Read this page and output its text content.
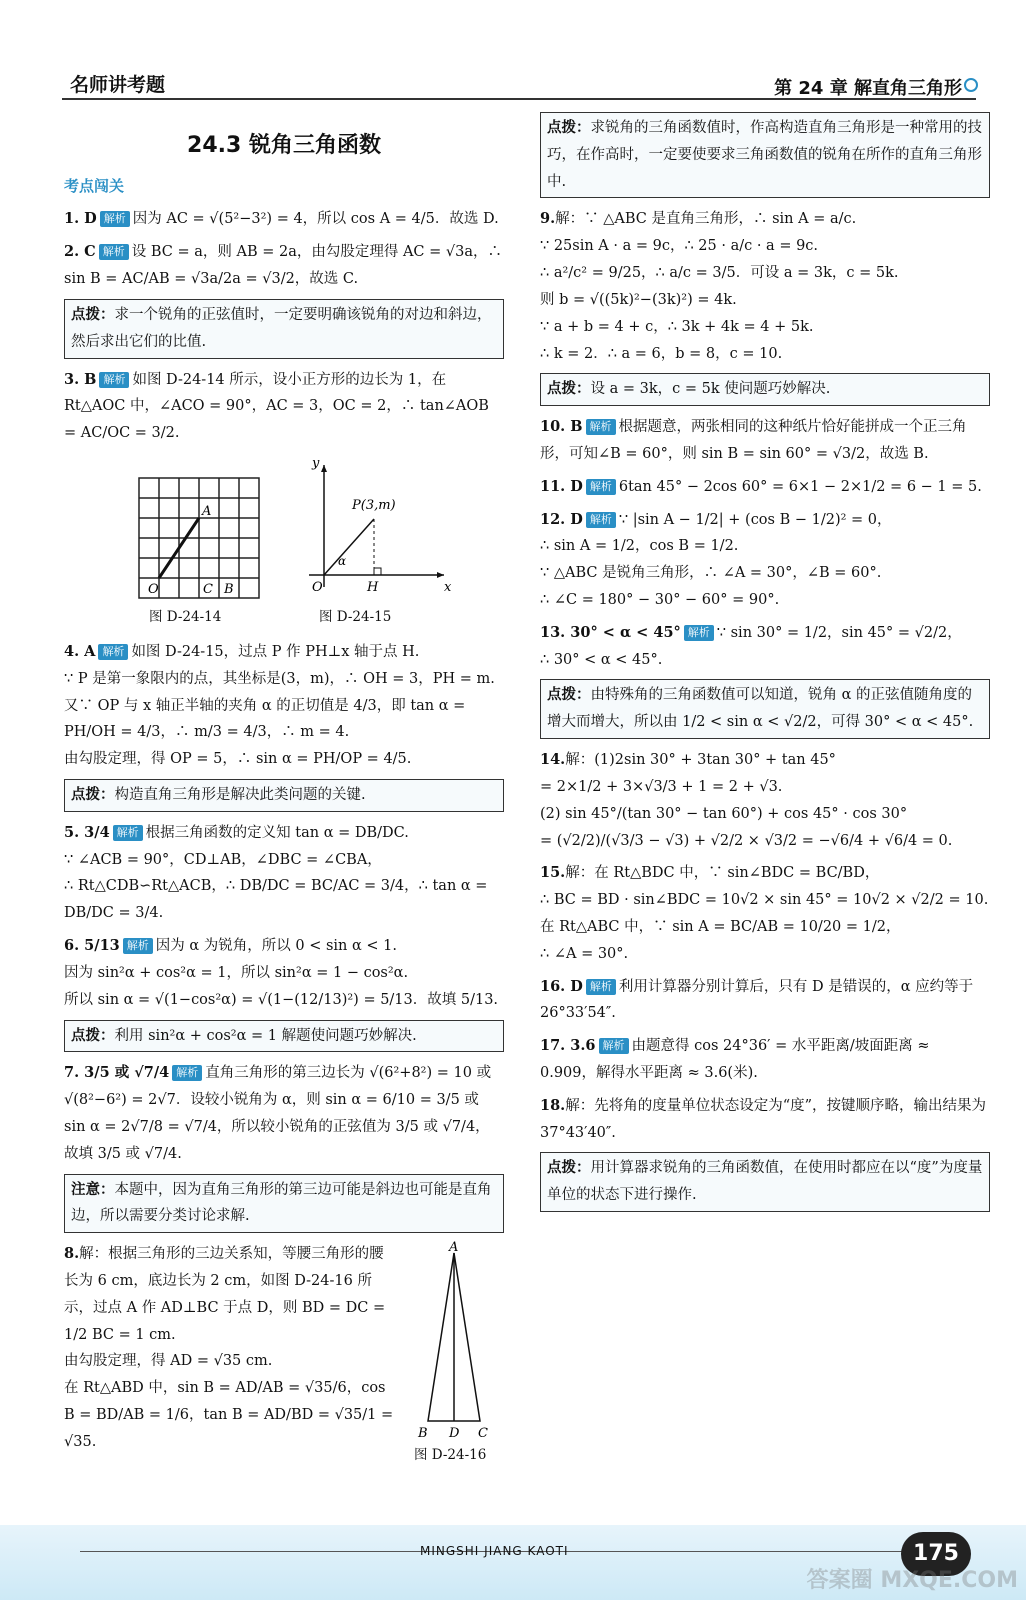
名师讲考题	第 24 章 解直角三角形

24.3 锐角三角函数

考点闯关

1. D 解析 因为 AC = √(5²−3²) = 4，所以 cos A = 4/5．故选 D.

2. C 解析 设 BC = a，则 AB = 2a，由勾股定理得 AC = √3a，∴ sin B = AC/AB = √3a/2a = √3/2，故选 C.

点拨：求一个锐角的正弦值时，一定要明确该锐角的对边和斜边，然后求出它们的比值.

3. B 解析 如图 D-24-14 所示，设小正方形的边长为 1，在 Rt△AOC 中，∠ACO = 90°，AC = 3，OC = 2，∴ tan∠AOB = AC/OC = 3/2.

O
A
C B
y
x
O	H
P(3,m)
α
图 D-24-14	图 D-24-15

4. A 解析 如图 D-24-15，过点 P 作 PH⊥x 轴于点 H.
∵ P 是第一象限内的点，其坐标是(3，m)，∴ OH = 3，PH = m.
又∵ OP 与 x 轴正半轴的夹角 α 的正切值是 4/3，即 tan α = PH/OH = 4/3，∴ m/3 = 4/3，∴ m = 4.
由勾股定理，得 OP = 5，∴ sin α = PH/OP = 4/5.

点拨：构造直角三角形是解决此类问题的关键.

5. 3/4 解析 根据三角函数的定义知 tan α = DB/DC.
∵ ∠ACB = 90°，CD⊥AB，∠DBC = ∠CBA，
∴ Rt△CDB∽Rt△ACB，∴ DB/DC = BC/AC = 3/4，∴ tan α = DB/DC = 3/4.

6. 5/13 解析 因为 α 为锐角，所以 0 < sin α < 1.
因为 sin²α + cos²α = 1，所以 sin²α = 1 − cos²α.
所以 sin α = √(1−cos²α) = √(1−(12/13)²) = 5/13．故填 5/13.

点拨：利用 sin²α + cos²α = 1 解题使问题巧妙解决.

7. 3/5 或 √7/4 解析 直角三角形的第三边长为 √(6²+8²) = 10 或 √(8²−6²) = 2√7．设较小锐角为 α，则 sin α = 6/10 = 3/5 或 sin α = 2√7/8 = √7/4，所以较小锐角的正弦值为 3/5 或 √7/4，故填 3/5 或 √7/4.

注意：本题中，因为直角三角形的第三边可能是斜边也可能是直角边，所以需要分类讨论求解.

8.解：根据三角形的三边关系知，等腰三角形的腰长为 6 cm，底边长为 2 cm，如图 D-24-16 所示，过点 A 作 AD⊥BC 于点 D，则 BD = DC = 1/2 BC = 1 cm.
由勾股定理，得 AD = √35 cm.
在 Rt△ABD 中，sin B = AD/AB = √35/6，cos B = BD/AB = 1/6，tan B = AD/BD = √35/1 = √35.

A
B D C
图 D-24-16
点拨：求锐角的三角函数值时，作高构造直角三角形是一种常用的技巧，在作高时，一定要使要求三角函数值的锐角在所作的直角三角形中.

9.解：∵ △ABC 是直角三角形，∴ sin A = a/c.
∵ 25sin A · a = 9c，∴ 25 · a/c · a = 9c.
∴ a²/c² = 9/25，∴ a/c = 3/5．可设 a = 3k，c = 5k.
则 b = √((5k)²−(3k)²) = 4k.
∵ a + b = 4 + c，∴ 3k + 4k = 4 + 5k.
∴ k = 2．∴ a = 6，b = 8，c = 10.

点拨：设 a = 3k，c = 5k 使问题巧妙解决.

10. B 解析 根据题意，两张相同的这种纸片恰好能拼成一个正三角形，可知∠B = 60°，则 sin B = sin 60° = √3/2，故选 B.

11. D 解析 6tan 45° − 2cos 60° = 6×1 − 2×1/2 = 6 − 1 = 5.

12. D 解析 ∵ |sin A − 1/2| + (cos B − 1/2)² = 0，
∴ sin A = 1/2，cos B = 1/2.
∵ △ABC 是锐角三角形，∴ ∠A = 30°，∠B = 60°.
∴ ∠C = 180° − 30° − 60° = 90°.

13. 30° < α < 45° 解析 ∵ sin 30° = 1/2，sin 45° = √2/2，
∴ 30° < α < 45°.

点拨：由特殊角的三角函数值可以知道，锐角 α 的正弦值随角度的增大而增大，所以由 1/2 < sin α < √2/2，可得 30° < α < 45°.

14.解：(1)2sin 30° + 3tan 30° + tan 45°
= 2×1/2 + 3×√3/3 + 1 = 2 + √3.
(2) sin 45°/(tan 30° − tan 60°) + cos 45° · cos 30°
= (√2/2)/(√3/3 − √3) + √2/2 × √3/2 = −√6/4 + √6/4 = 0.

15.解：在 Rt△BDC 中，∵ sin∠BDC = BC/BD，
∴ BC = BD · sin∠BDC = 10√2 × sin 45° = 10√2 × √2/2 = 10.
在 Rt△ABC 中，∵ sin A = BC/AB = 10/20 = 1/2，
∴ ∠A = 30°.

16. D 解析 利用计算器分别计算后，只有 D 是错误的，α 应约等于 26°33′54″.

17. 3.6 解析 由题意得 cos 24°36′ = 水平距离/坡面距离 ≈ 0.909，解得水平距离 ≈ 3.6(米).

18.解：先将角的度量单位状态设定为“度”，按键顺序略，输出结果为 37°43′40″.

点拨：用计算器求锐角的三角函数值，在使用时都应在以“度”为度量单位的状态下进行操作.
MINGSHI JIANG KAOTI	175
答案圈 MXQE.COM
